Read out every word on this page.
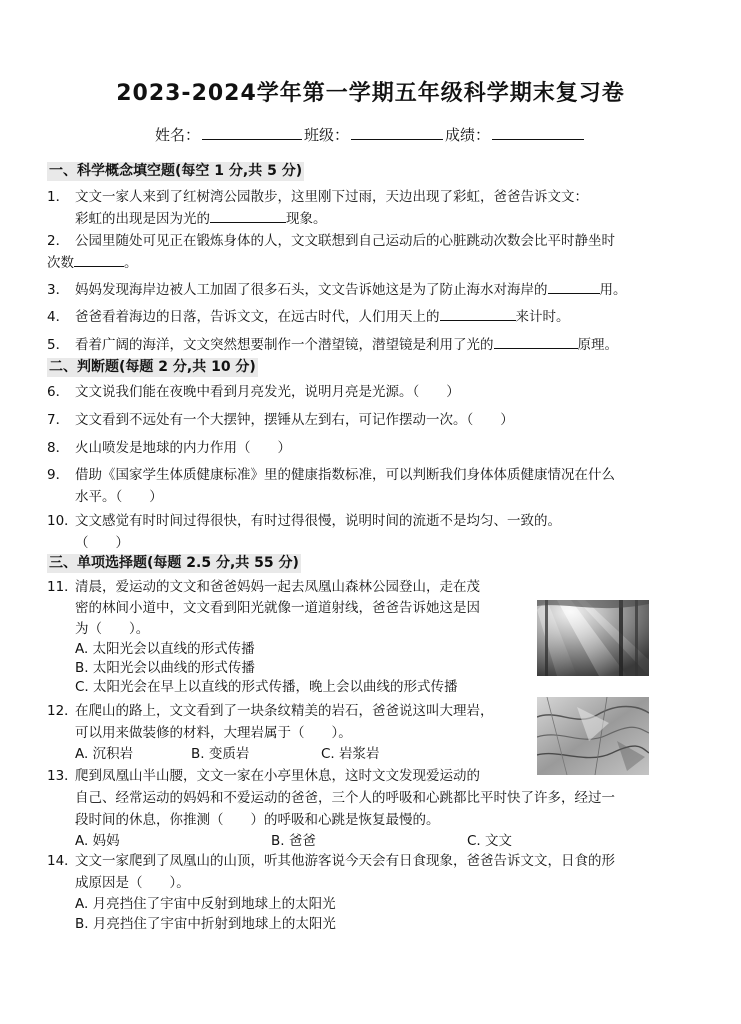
2023-2024学年第一学期五年级科学期末复习卷
姓名：	班级：	成绩：
一、科学概念填空题(每空 1 分,共 5 分)
1． 文文一家人来到了红树湾公园散步，这里刚下过雨，天边出现了彩虹，爸爸告诉文文：
彩虹的出现是因为光的	现象。
2． 公园里随处可见正在锻炼身体的人，文文联想到自己运动后的心脏跳动次数会比平时静坐时
次数	。
3． 妈妈发现海岸边被人工加固了很多石头，文文告诉她这是为了防止海水对海岸的	用。
4． 爸爸看着海边的日落，告诉文文，在远古时代，人们用天上的	来计时。
5． 看着广阔的海洋，文文突然想要制作一个潜望镜，潜望镜是利用了光的	原理。
二、判断题(每题 2 分,共 10 分)
6． 文文说我们能在夜晚中看到月亮发光，说明月亮是光源。（　　）
7． 文文看到不远处有一个大摆钟，摆锤从左到右，可记作摆动一次。（　　）
8． 火山喷发是地球的内力作用（　　）
9． 借助《国家学生体质健康标准》里的健康指数标准，可以判断我们身体体质健康情况在什么
水平。（　　）
10．文文感觉有时时间过得很快，有时过得很慢，说明时间的流逝不是均匀、一致的。
（　　）
三、单项选择题(每题 2.5 分,共 55 分)
11．清晨，爱运动的文文和爸爸妈妈一起去凤凰山森林公园登山，走在茂
密的林间小道中，文文看到阳光就像一道道射线，爸爸告诉她这是因
为（　　）。
A. 太阳光会以直线的形式传播
B. 太阳光会以曲线的形式传播
C. 太阳光会在早上以直线的形式传播，晚上会以曲线的形式传播
12．在爬山的路上，文文看到了一块条纹精美的岩石，爸爸说这叫大理岩，
可以用来做装修的材料，大理岩属于（　　）。
A. 沉积岩	B. 变质岩	C. 岩浆岩
13．爬到凤凰山半山腰，文文一家在小亭里休息，这时文文发现爱运动的
自己、经常运动的妈妈和不爱运动的爸爸，三个人的呼吸和心跳都比平时快了许多，经过一
段时间的休息，你推测（　　）的呼吸和心跳是恢复最慢的。
A. 妈妈	B. 爸爸	C. 文文
14．文文一家爬到了凤凰山的山顶，听其他游客说今天会有日食现象，爸爸告诉文文，日食的形
成原因是（　　）。
A. 月亮挡住了宇宙中反射到地球上的太阳光
B. 月亮挡住了宇宙中折射到地球上的太阳光
